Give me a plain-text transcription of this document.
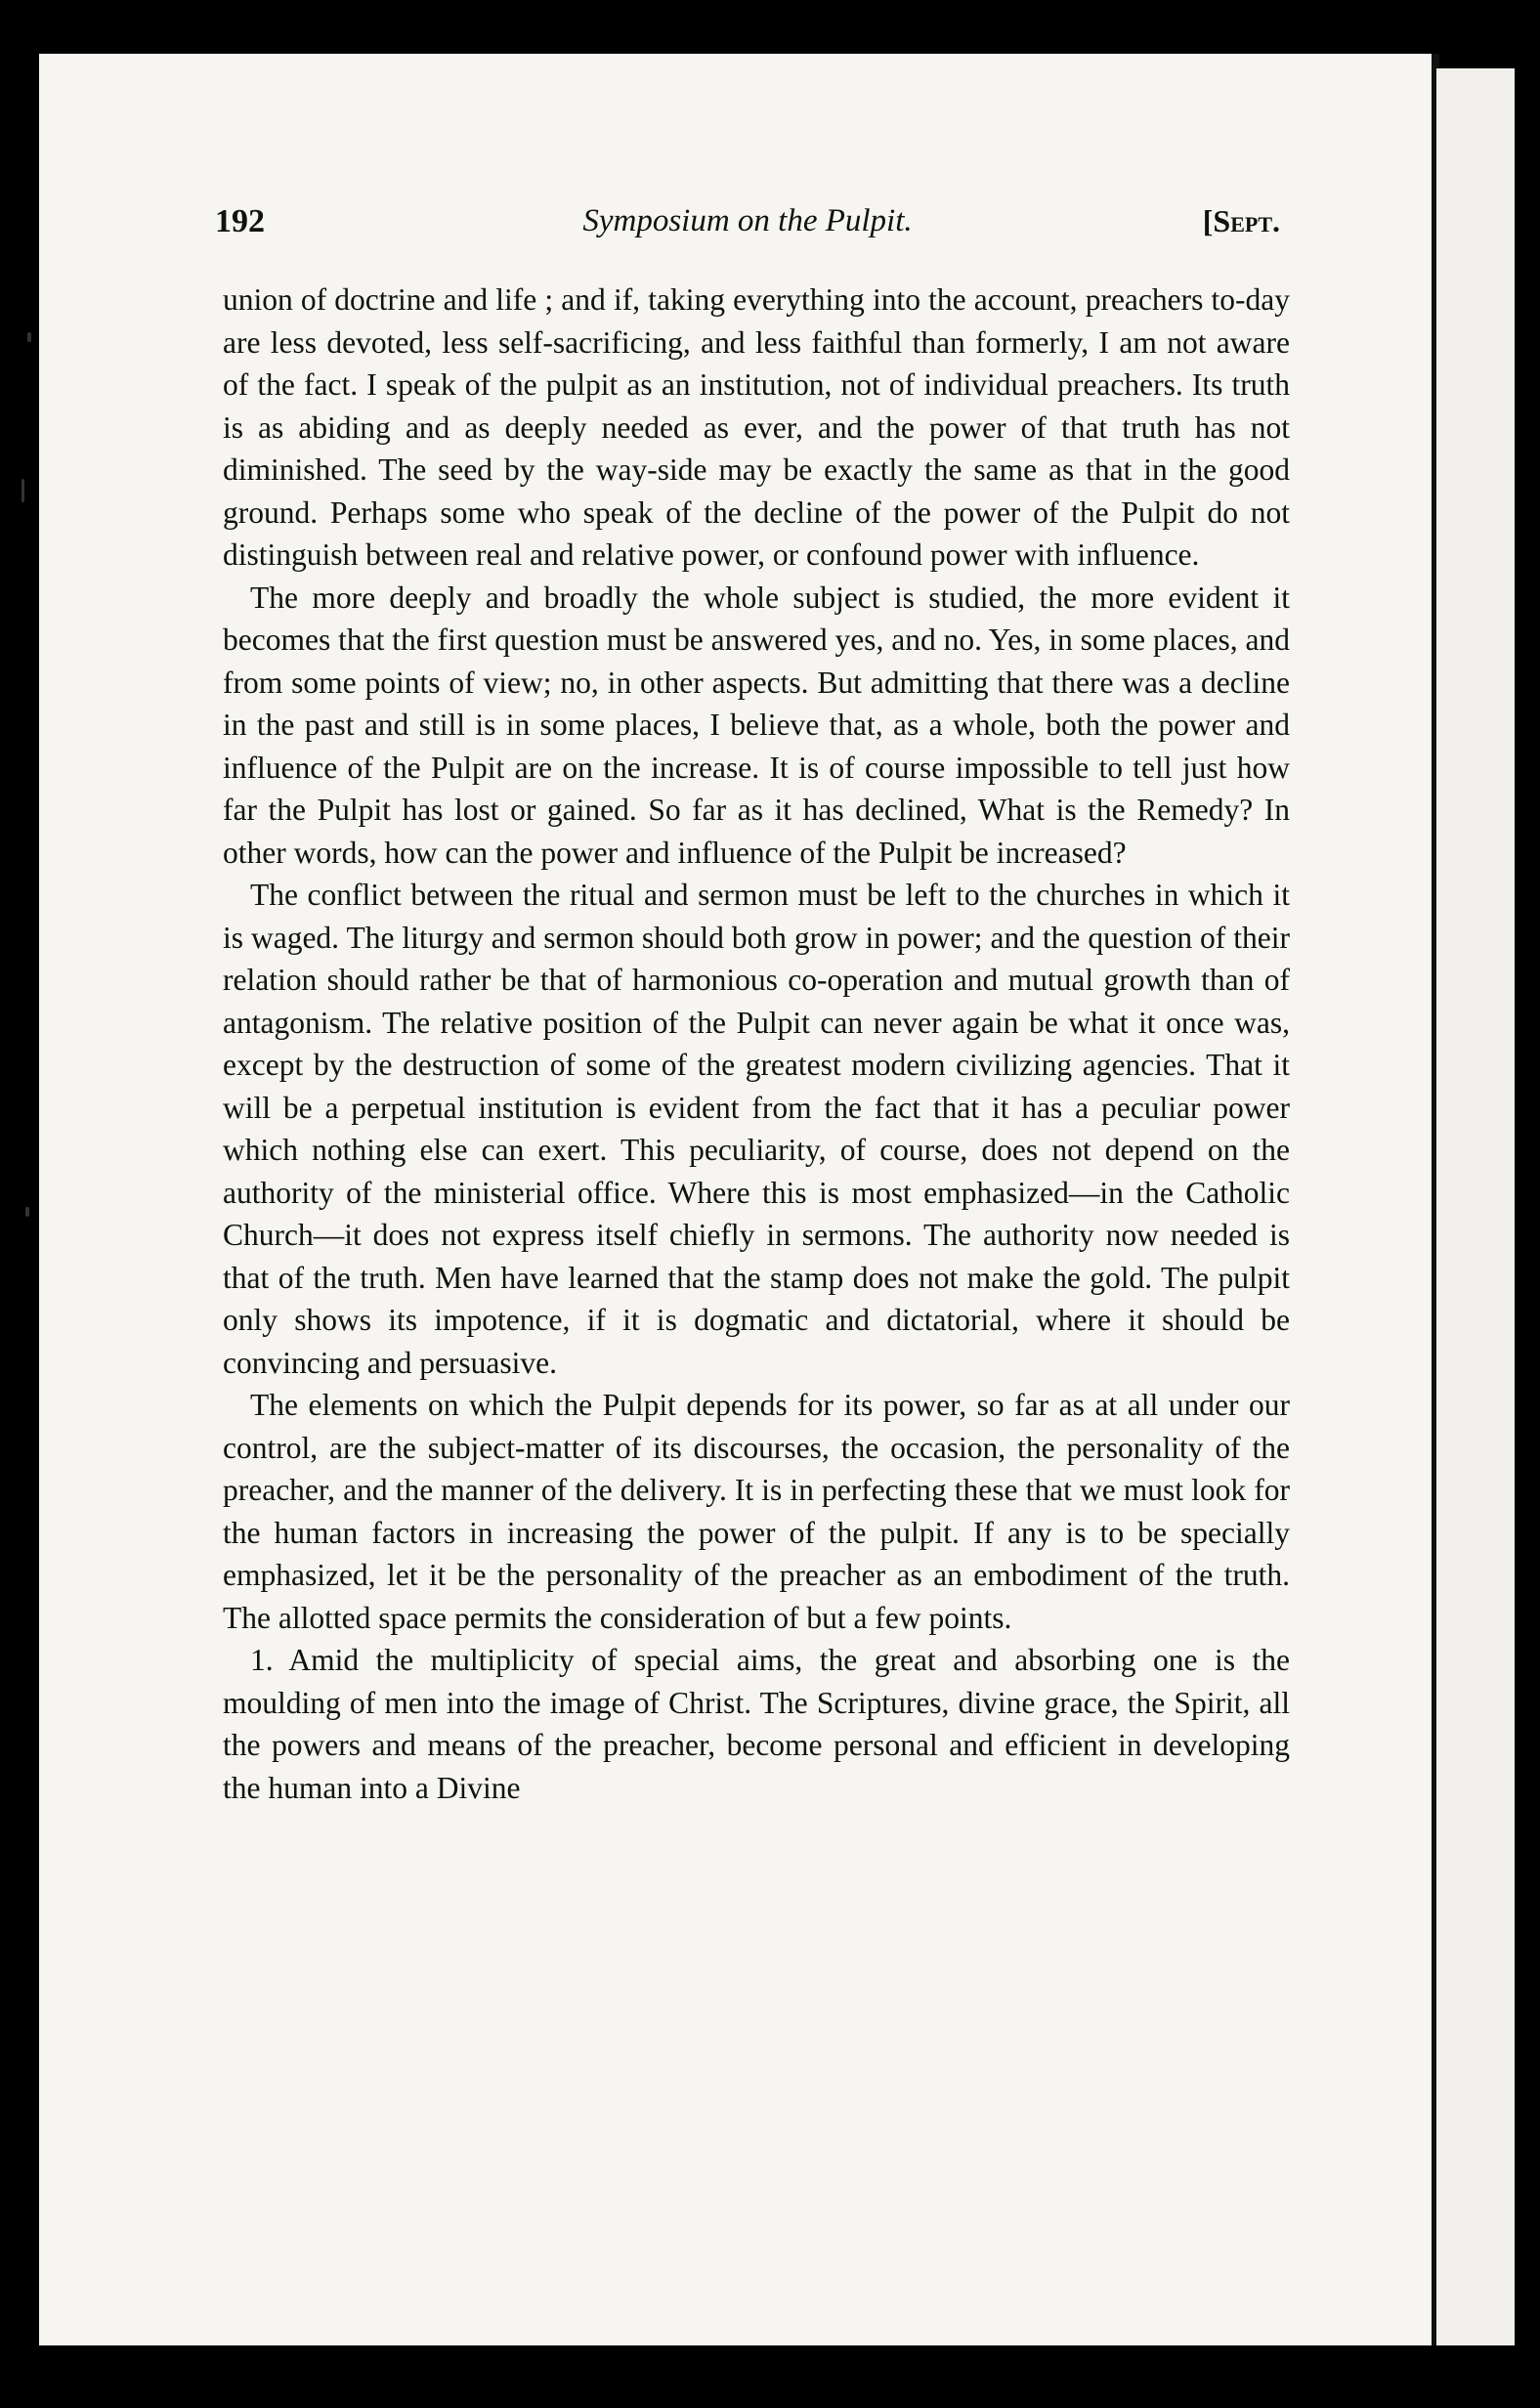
192	Symposium on the Pulpit.	[Sept.

union of doctrine and life ; and if, taking everything into the account, preachers to-day are less devoted, less self-sacrificing, and less faithful than formerly, I am not aware of the fact. I speak of the pulpit as an institution, not of individual preachers. Its truth is as abiding and as deeply needed as ever, and the power of that truth has not diminished. The seed by the way-side may be exactly the same as that in the good ground. Perhaps some who speak of the decline of the power of the Pulpit do not distinguish between real and relative power, or confound power with influence.

The more deeply and broadly the whole subject is studied, the more evident it becomes that the first question must be answered yes, and no. Yes, in some places, and from some points of view; no, in other aspects. But admitting that there was a decline in the past and still is in some places, I believe that, as a whole, both the power and influence of the Pulpit are on the increase. It is of course impossible to tell just how far the Pulpit has lost or gained. So far as it has declined, What is the Remedy? In other words, how can the power and influence of the Pulpit be increased?

The conflict between the ritual and sermon must be left to the churches in which it is waged. The liturgy and sermon should both grow in power; and the question of their relation should rather be that of harmonious co-operation and mutual growth than of antagonism. The relative position of the Pulpit can never again be what it once was, except by the destruction of some of the greatest modern civilizing agencies. That it will be a perpetual institution is evident from the fact that it has a peculiar power which nothing else can exert. This peculiarity, of course, does not depend on the authority of the ministerial office. Where this is most emphasized—in the Catholic Church—it does not express itself chiefly in sermons. The authority now needed is that of the truth. Men have learned that the stamp does not make the gold. The pulpit only shows its impotence, if it is dogmatic and dictatorial, where it should be convincing and persuasive.

The elements on which the Pulpit depends for its power, so far as at all under our control, are the subject-matter of its discourses, the occasion, the personality of the preacher, and the manner of the delivery. It is in perfecting these that we must look for the human factors in increasing the power of the pulpit. If any is to be specially emphasized, let it be the personality of the preacher as an embodiment of the truth. The allotted space permits the consideration of but a few points.

1. Amid the multiplicity of special aims, the great and absorbing one is the moulding of men into the image of Christ. The Scriptures, divine grace, the Spirit, all the powers and means of the preacher, become personal and efficient in developing the human into a Divine
